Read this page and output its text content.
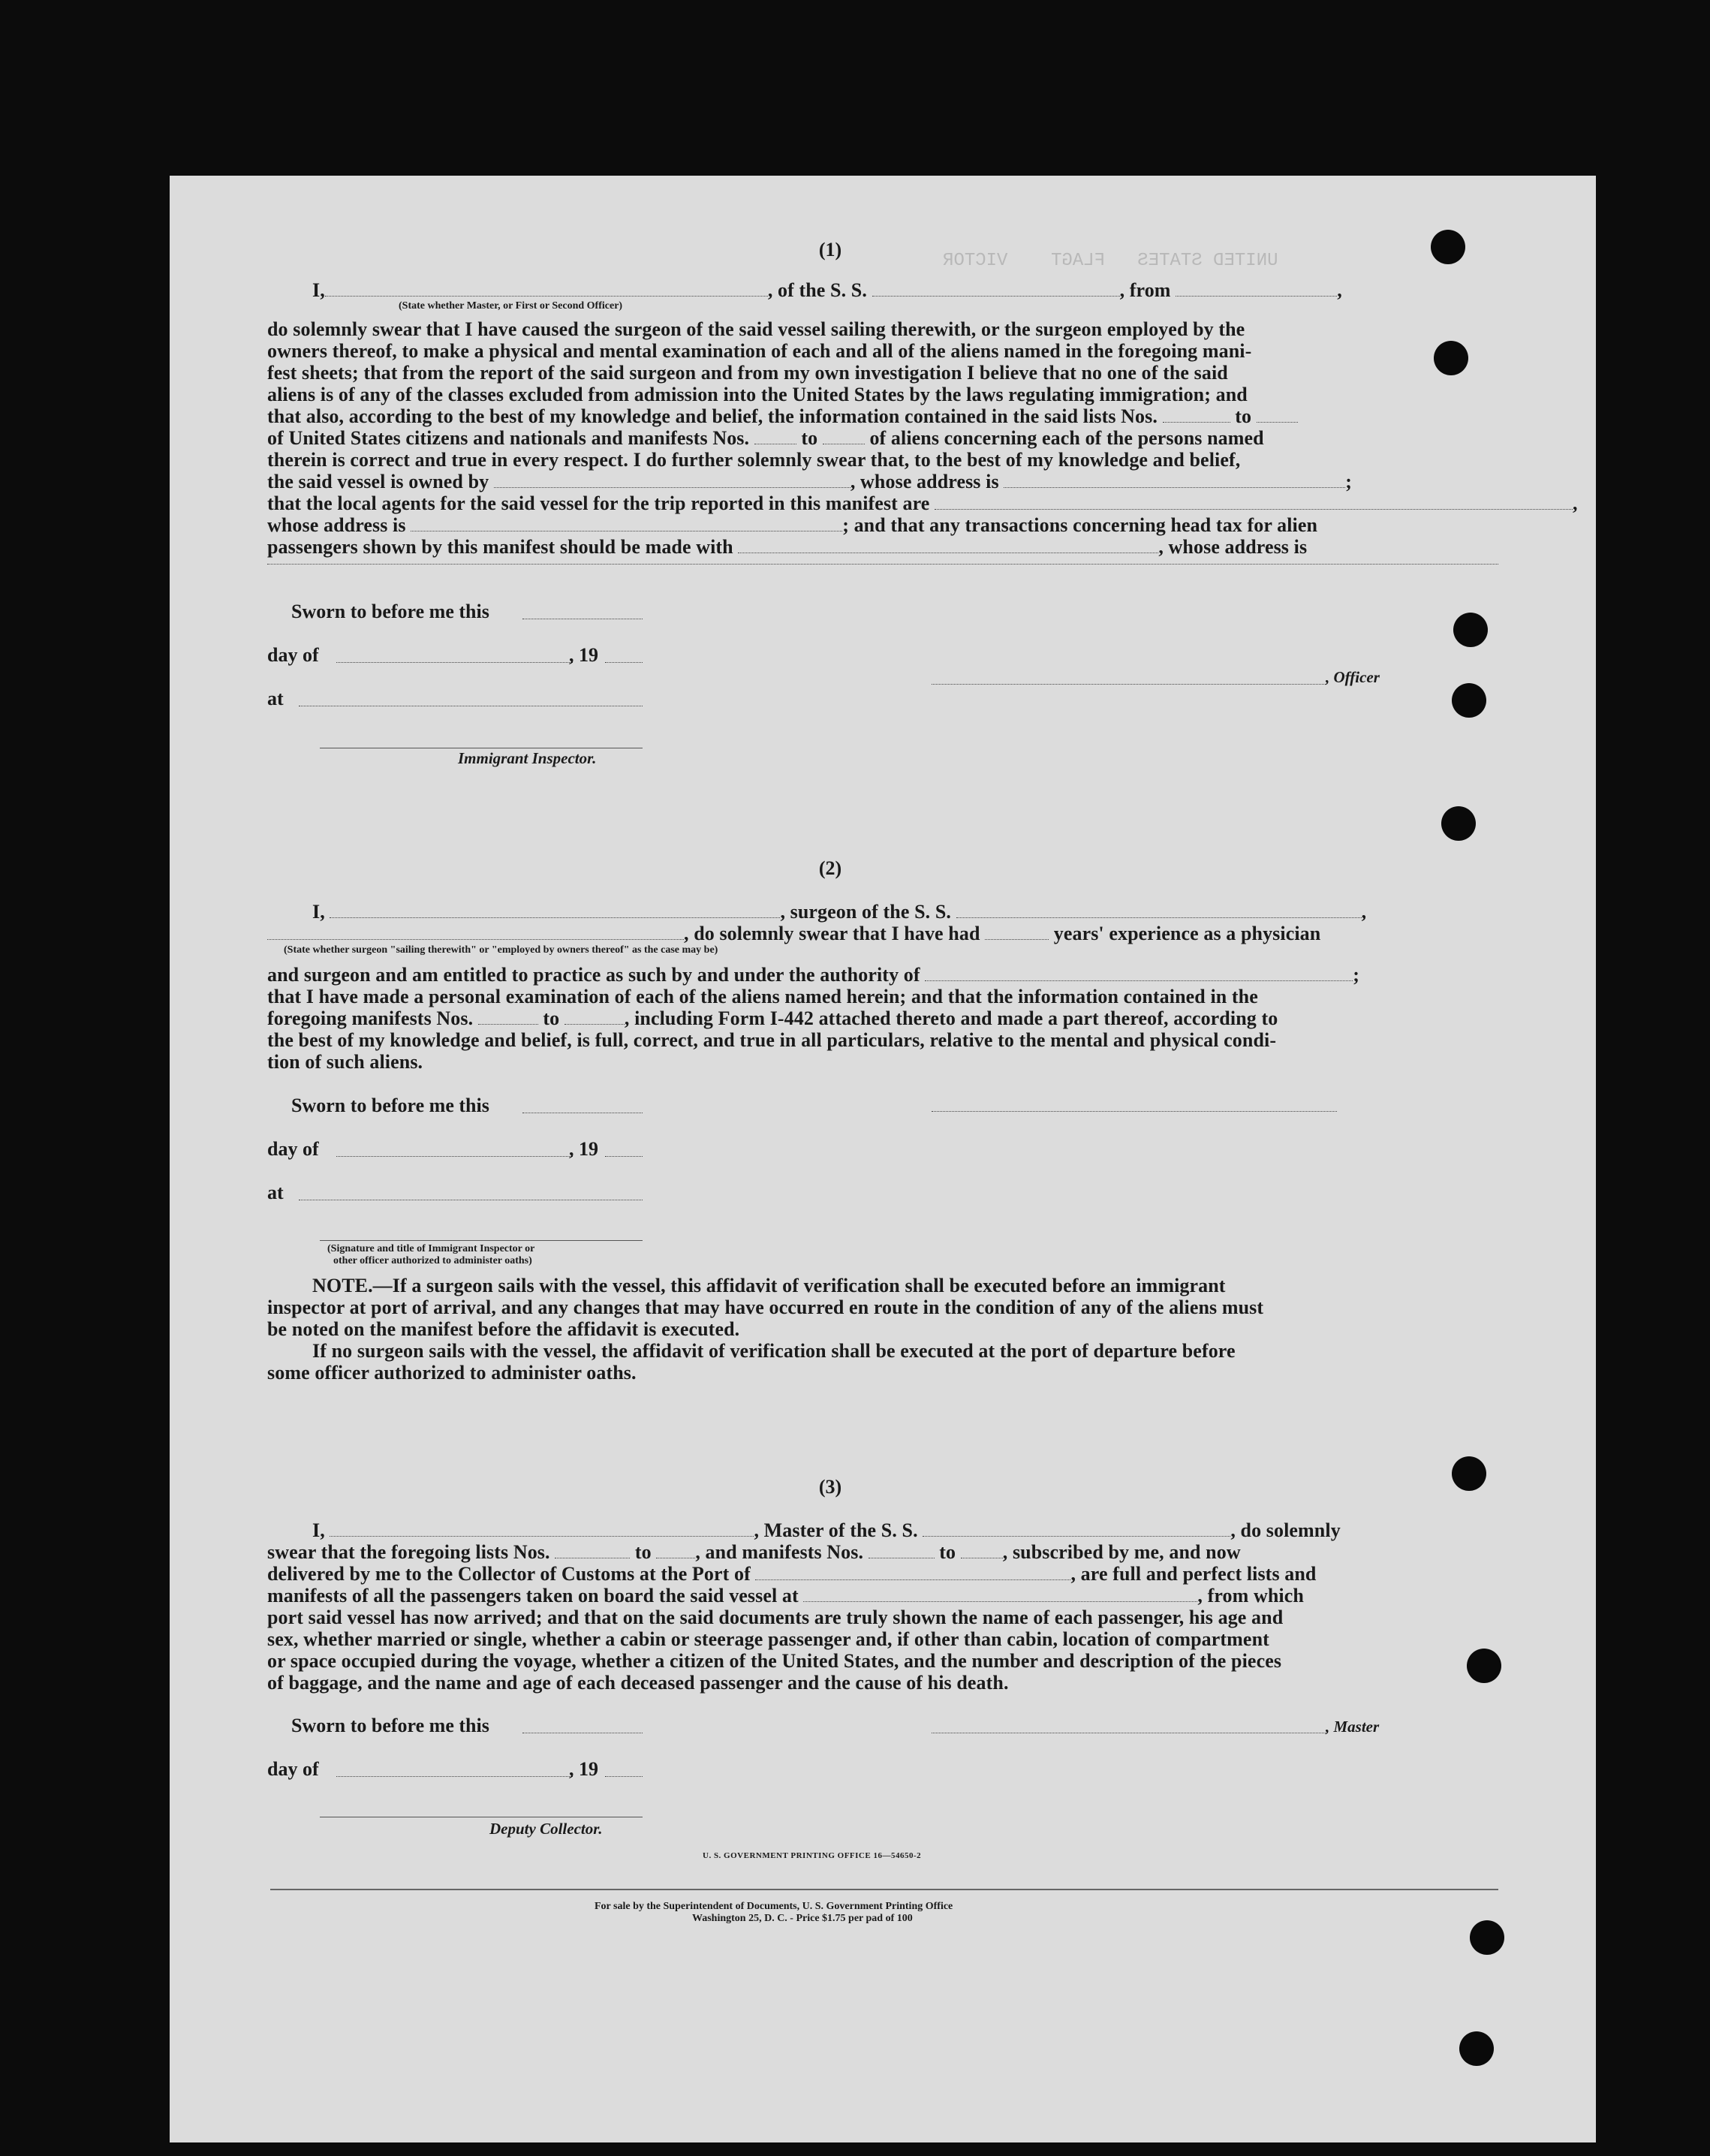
UNITED STATES   FLAGT    VICTOR
(1)
I,	, of the S. S.	, from	,
(State whether Master, or First or Second Officer)
do solemnly swear that I have caused the surgeon of the said vessel sailing therewith, or the surgeon employed by the
owners thereof, to make a physical and mental examination of each and all of the aliens named in the foregoing mani-
fest sheets; that from the report of the said surgeon and from my own investigation I believe that no one of the said
aliens is of any of the classes excluded from admission into the United States by the laws regulating immigration; and
that also, according to the best of my knowledge and belief, the information contained in the said lists Nos.	to
of United States citizens and nationals and manifests Nos.	to	of aliens concerning each of the persons named
therein is correct and true in every respect. I do further solemnly swear that, to the best of my knowledge and belief,
the said vessel is owned by	, whose address is	;
that the local agents for the said vessel for the trip reported in this manifest are	,
whose address is	; and that any transactions concerning head tax for alien
passengers shown by this manifest should be made with	, whose address is
Sworn to before me this
day of	, 19
at
, Officer
Immigrant Inspector.
(2)
I,	, surgeon of the S. S.	,
, do solemnly swear that I have had	years' experience as a physician
(State whether surgeon "sailing therewith" or "employed by owners thereof" as the case may be)
and surgeon and am entitled to practice as such by and under the authority of	;
that I have made a personal examination of each of the aliens named herein; and that the information contained in the
foregoing manifests Nos.	to	, including Form I-442 attached thereto and made a part thereof, according to
the best of my knowledge and belief, is full, correct, and true in all particulars, relative to the mental and physical condi-
tion of such aliens.
Sworn to before me this
day of	, 19
at
(Signature and title of Immigrant Inspector or
other officer authorized to administer oaths)
NOTE.—If a surgeon sails with the vessel, this affidavit of verification shall be executed before an immigrant
inspector at port of arrival, and any changes that may have occurred en route in the condition of any of the aliens must
be noted on the manifest before the affidavit is executed.
If no surgeon sails with the vessel, the affidavit of verification shall be executed at the port of departure before
some officer authorized to administer oaths.
(3)
I,	, Master of the S. S.	, do solemnly
swear that the foregoing lists Nos.	to , and manifests Nos.	to , subscribed by me, and now
delivered by me to the Collector of Customs at the Port of	, are full and perfect lists and
manifests of all the passengers taken on board the said vessel at	, from which
port said vessel has now arrived; and that on the said documents are truly shown the name of each passenger, his age and
sex, whether married or single, whether a cabin or steerage passenger and, if other than cabin, location of compartment
or space occupied during the voyage, whether a citizen of the United States, and the number and description of the pieces
of baggage, and the name and age of each deceased passenger and the cause of his death.
Sworn to before me this	, Master
day of	, 19
Deputy Collector.
U. S. GOVERNMENT PRINTING OFFICE 16—54650-2
For sale by the Superintendent of Documents, U. S. Government Printing Office
Washington 25, D. C. - Price $1.75 per pad of 100
